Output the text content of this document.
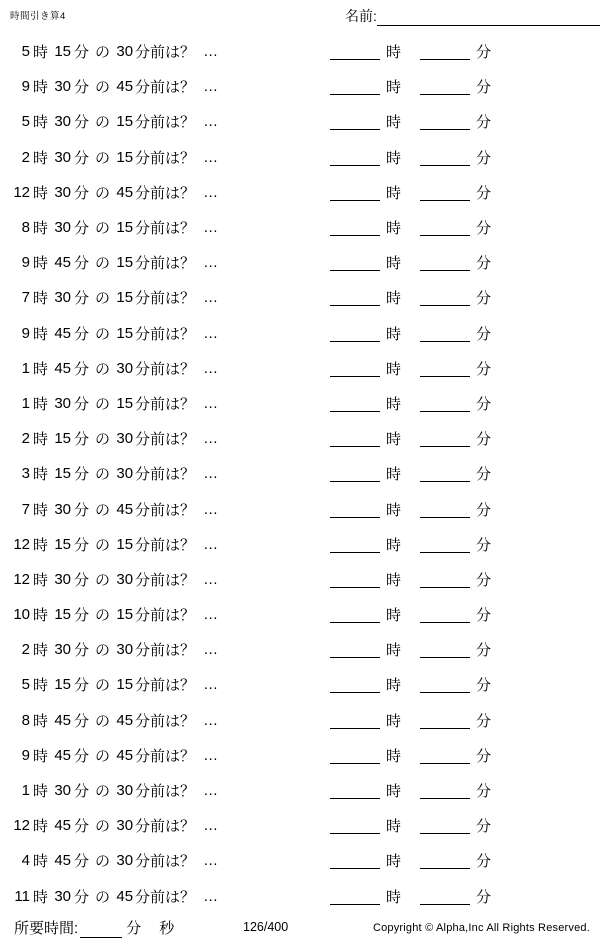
時間引き算4	名前:
5 時 15 分 の 30 分前は？ …	時	分
9 時 30 分 の 45 分前は？ …	時	分
5 時 30 分 の 15 分前は？ …	時	分
2 時 30 分 の 15 分前は？ …	時	分
12 時 30 分 の 45 分前は？ …	時	分
8 時 30 分 の 15 分前は？ …	時	分
9 時 45 分 の 15 分前は？ …	時	分
7 時 30 分 の 15 分前は？ …	時	分
9 時 45 分 の 15 分前は？ …	時	分
1 時 45 分 の 30 分前は？ …	時	分
1 時 30 分 の 15 分前は？ …	時	分
2 時 15 分 の 30 分前は？ …	時	分
3 時 15 分 の 30 分前は？ …	時	分
7 時 30 分 の 45 分前は？ …	時	分
12 時 15 分 の 15 分前は？ …	時	分
12 時 30 分 の 30 分前は？ …	時	分
10 時 15 分 の 15 分前は？ …	時	分
2 時 30 分 の 30 分前は？ …	時	分
5 時 15 分 の 15 分前は？ …	時	分
8 時 45 分 の 45 分前は？ …	時	分
9 時 45 分 の 45 分前は？ …	時	分
1 時 30 分 の 30 分前は？ …	時	分
12 時 45 分 の 30 分前は？ …	時	分
4 時 45 分 の 30 分前は？ …	時	分
11 時 30 分 の 45 分前は？ …	時	分
所要時間:	分 秒	126/400	Copyright © Alpha,Inc All Rights Reserved.
